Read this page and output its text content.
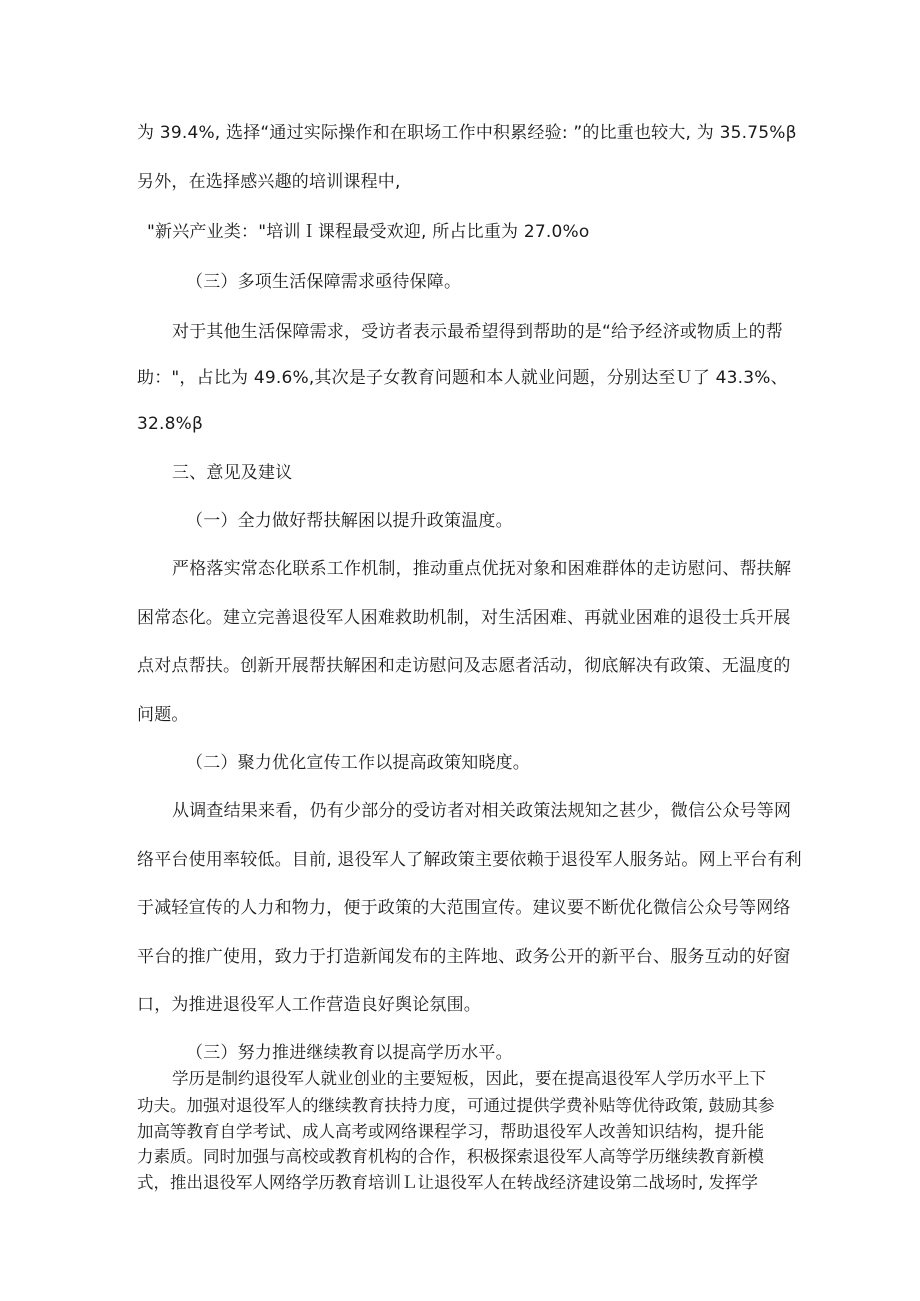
为 39.4%, 选择“通过实际操作和在职场工作中积累经验: ”的比重也较大, 为 35.75%β
另外，在选择感兴趣的培训课程中,
"新兴产业类："培训Ｉ课程最受欢迎, 所占比重为 27.0%o
（三）多项生活保障需求亟待保障。
对于其他生活保障需求，受访者表示最希望得到帮助的是“给予经济或物质上的帮
助："，占比为 49.6%,其次是子女教育问题和本人就业问题，分别达至Ｕ了 43.3%、
32.8%β
三、意见及建议
（一）全力做好帮扶解困以提升政策温度。
严格落实常态化联系工作机制，推动重点优抚对象和困难群体的走访慰问、帮扶解
困常态化。建立完善退役军人困难救助机制，对生活困难、再就业困难的退役士兵开展
点对点帮扶。创新开展帮扶解困和走访慰问及志愿者活动，彻底解决有政策、无温度的
问题。
（二）聚力优化宣传工作以提高政策知晓度。
从调查结果来看，仍有少部分的受访者对相关政策法规知之甚少，微信公众号等网
络平台使用率较低。目前, 退役军人了解政策主要依赖于退役军人服务站。网上平台有利
于减轻宣传的人力和物力，便于政策的大范围宣传。建议要不断优化微信公众号等网络
平台的推广使用，致力于打造新闻发布的主阵地、政务公开的新平台、服务互动的好窗
口，为推进退役军人工作营造良好舆论氛围。
（三）努力推进继续教育以提高学历水平。
学历是制约退役军人就业创业的主要短板，因此，要在提高退役军人学历水平上下
功夫。加强对退役军人的继续教育扶持力度，可通过提供学费补贴等优待政策, 鼓励其参
加高等教育自学考试、成人高考或网络课程学习，帮助退役军人改善知识结构，提升能
力素质。同时加强与高校或教育机构的合作，积极探索退役军人高等学历继续教育新模
式，推出退役军人网络学历教育培训Ｌ让退役军人在转战经济建设第二战场时, 发挥学
